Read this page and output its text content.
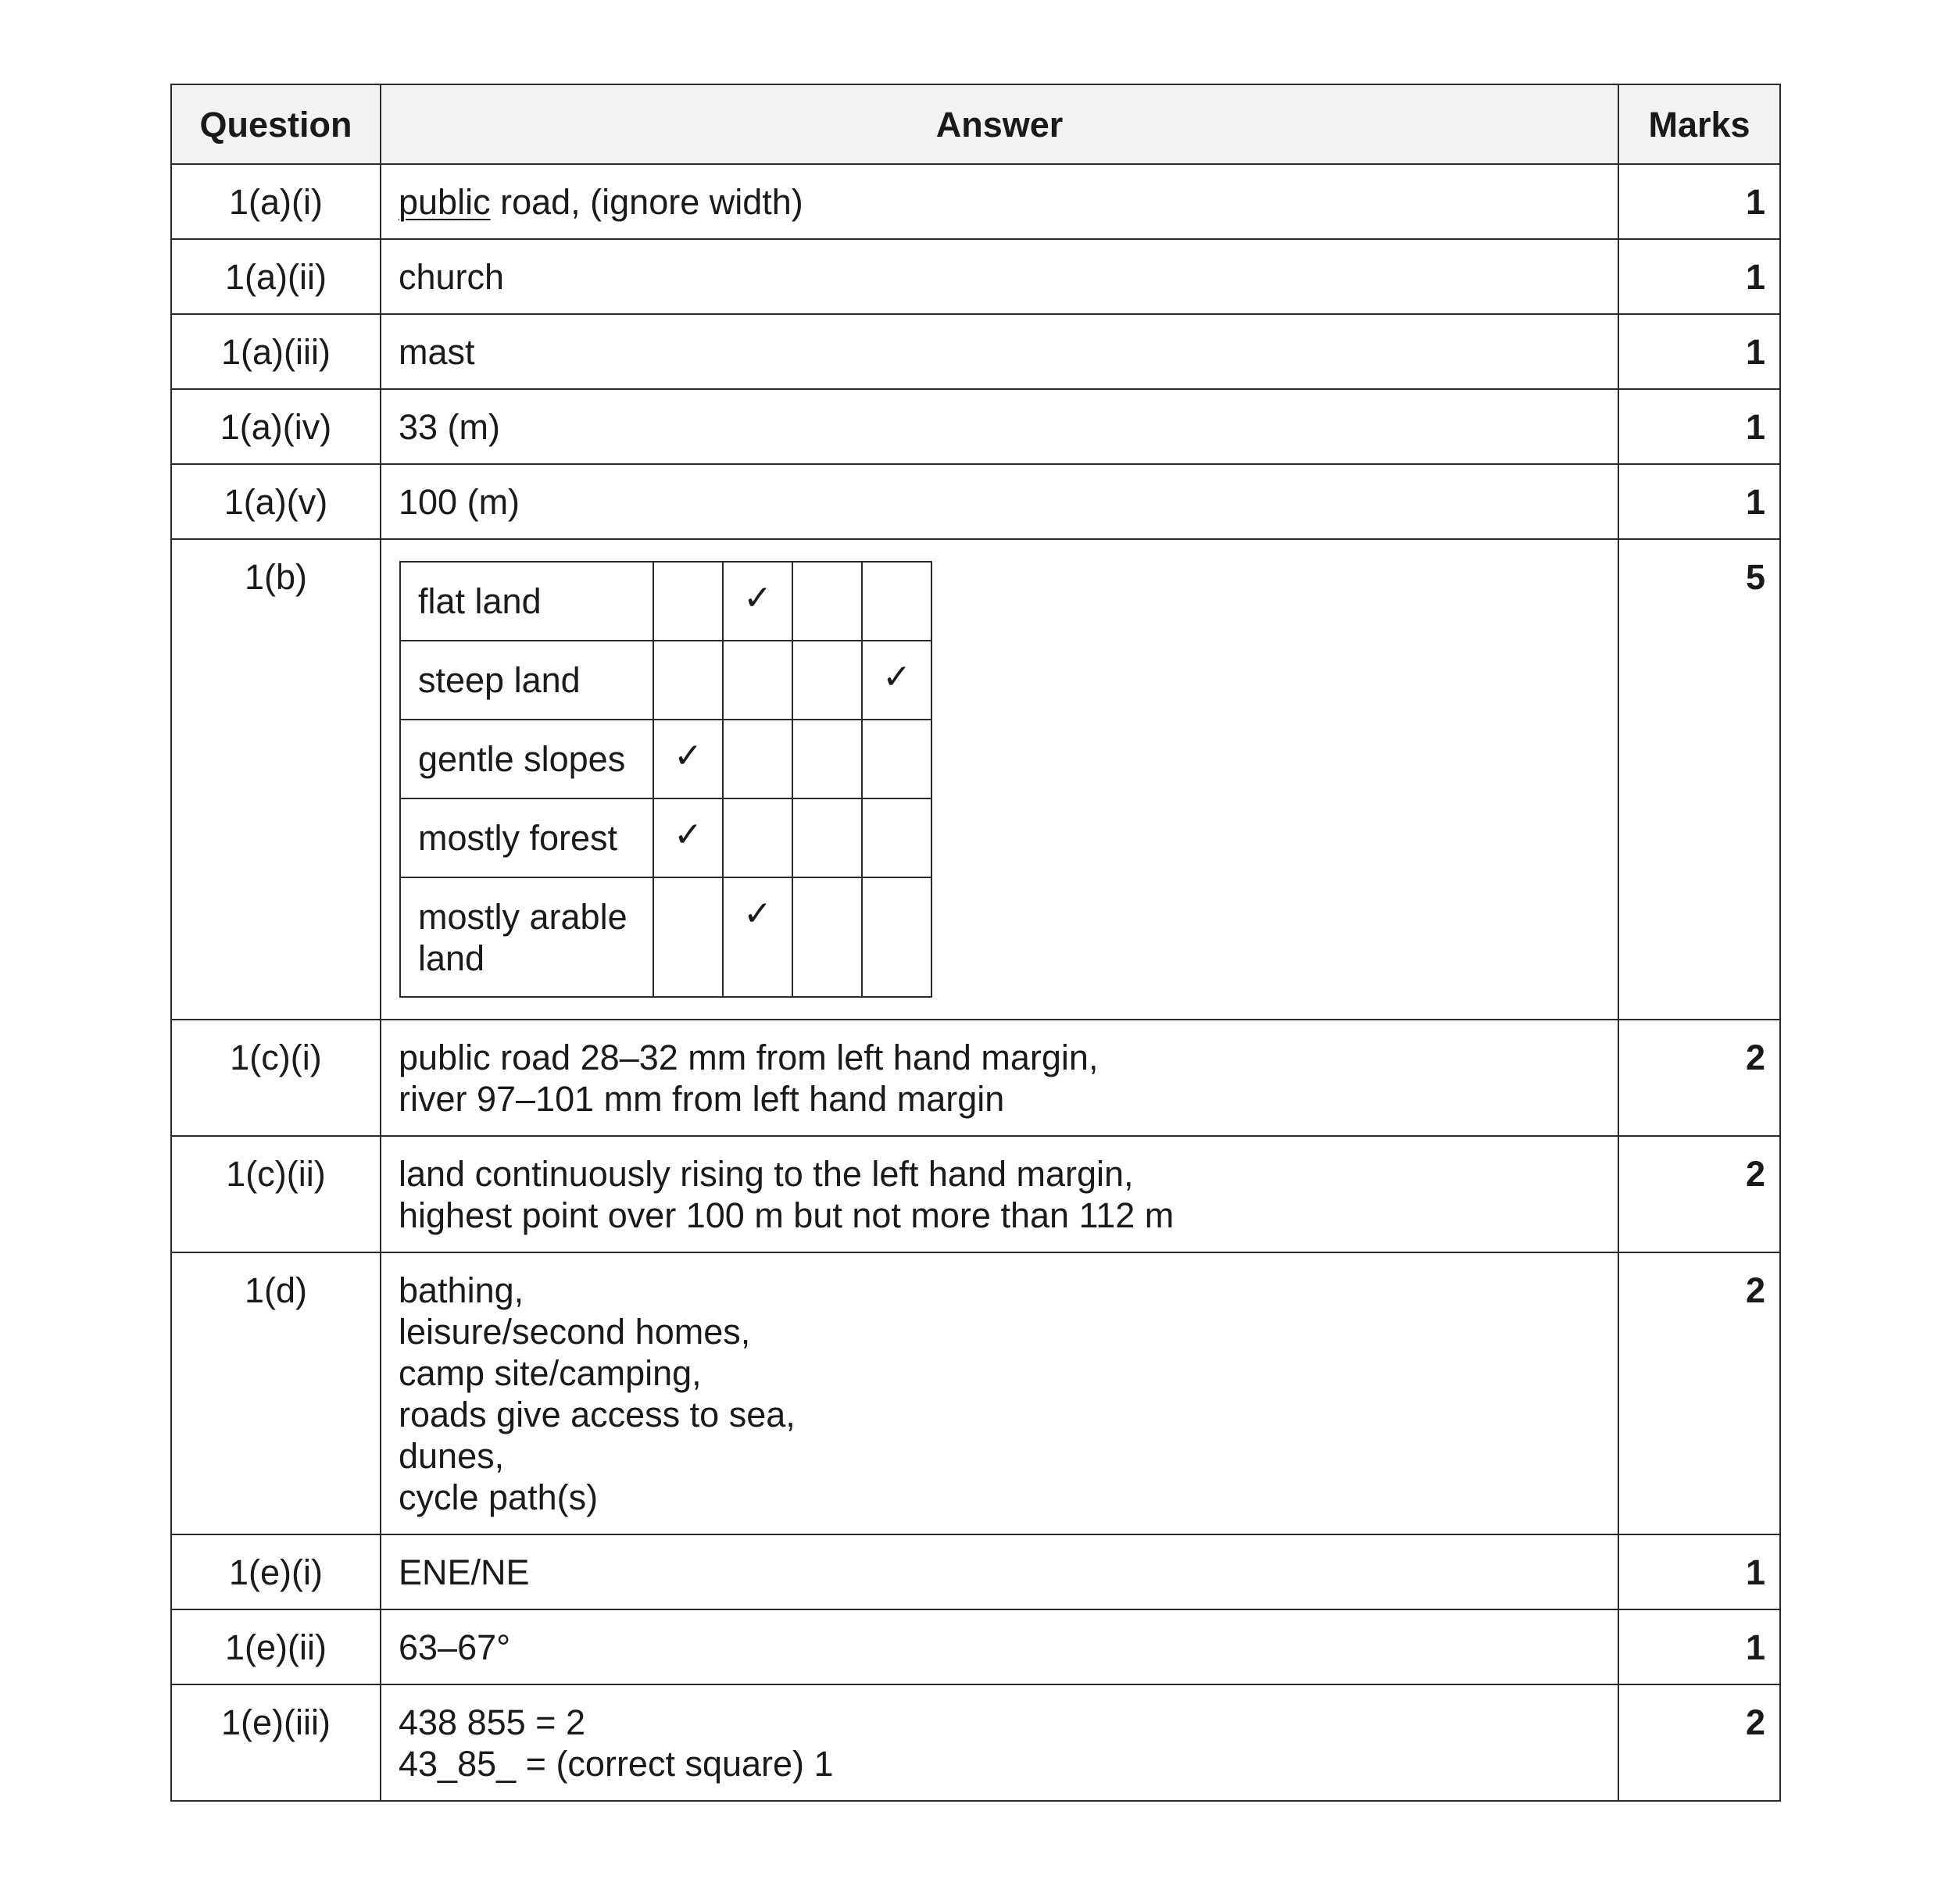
Question	Answer	Marks
1(a)(i)	public road, (ignore width)	1
1(a)(ii)	church	1
1(a)(iii)	mast	1
1(a)(iv)	33 (m)	1
1(a)(v)	100 (m)	1
1(b)	
flat land		✓		
steep land				✓
gentle slopes	✓			
mostly forest	✓			
mostly arable land		✓		
	5
1(c)(i)	public road 28–32 mm from left hand margin,
river 97–101 mm from left hand margin
	2
1(c)(ii)	land continuously rising to the left hand margin,
highest point over 100 m but not more than 112 m
	2
1(d)	bathing,
leisure/second homes,
camp site/camping,
roads give access to sea,
dunes,
cycle path(s)
	2
1(e)(i)	ENE/NE	1
1(e)(ii)	63–67°	1
1(e)(iii)	438 855 = 2
43_85_ = (correct square) 1
	2
